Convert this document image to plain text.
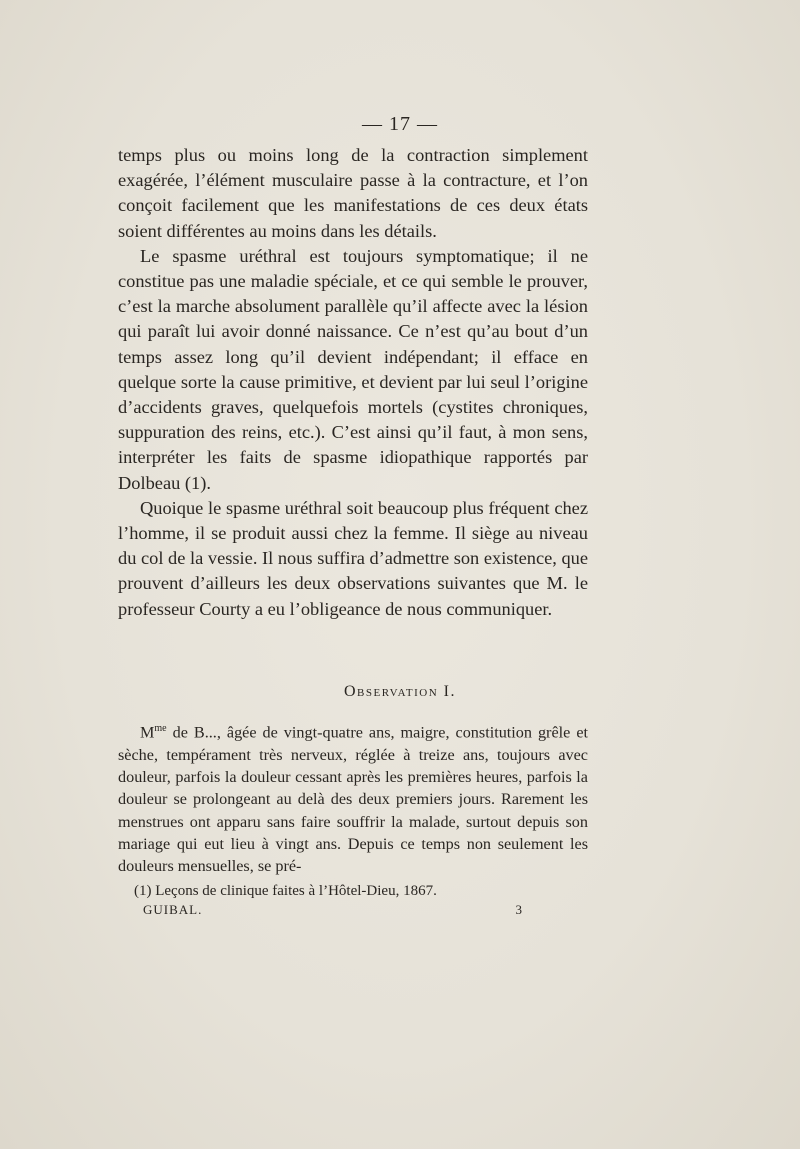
— 17 —

temps plus ou moins long de la contraction simplement exagérée, l’élément musculaire passe à la contracture, et l’on conçoit facilement que les manifestations de ces deux états soient différentes au moins dans les détails.

Le spasme uréthral est toujours symptomatique; il ne constitue pas une maladie spéciale, et ce qui semble le prouver, c’est la marche absolument parallèle qu’il affecte avec la lésion qui paraît lui avoir donné naissance. Ce n’est qu’au bout d’un temps assez long qu’il devient indépendant; il efface en quelque sorte la cause primitive, et devient par lui seul l’origine d’accidents graves, quelquefois mortels (cystites chroniques, suppuration des reins, etc.). C’est ainsi qu’il faut, à mon sens, interpréter les faits de spasme idiopathique rapportés par Dolbeau (1).

Quoique le spasme uréthral soit beaucoup plus fréquent chez l’homme, il se produit aussi chez la femme. Il siège au niveau du col de la vessie. Il nous suffira d’admettre son existence, que prouvent d’ailleurs les deux observations suivantes que M. le professeur Courty a eu l’obligeance de nous communiquer.

Observation I.

$M^{me}$ de B..., âgée de vingt-quatre ans, maigre, constitution grêle et sèche, tempérament très nerveux, réglée à treize ans, toujours avec douleur, parfois la douleur cessant après les premières heures, parfois la douleur se prolongeant au delà des deux premiers jours. Rarement les menstrues ont apparu sans faire souffrir la malade, surtout depuis son mariage qui eut lieu à vingt ans. Depuis ce temps non seulement les douleurs mensuelles, se pré-

(1) Leçons de clinique faites à l’Hôtel-Dieu, 1867.
GUIBAL.	3
